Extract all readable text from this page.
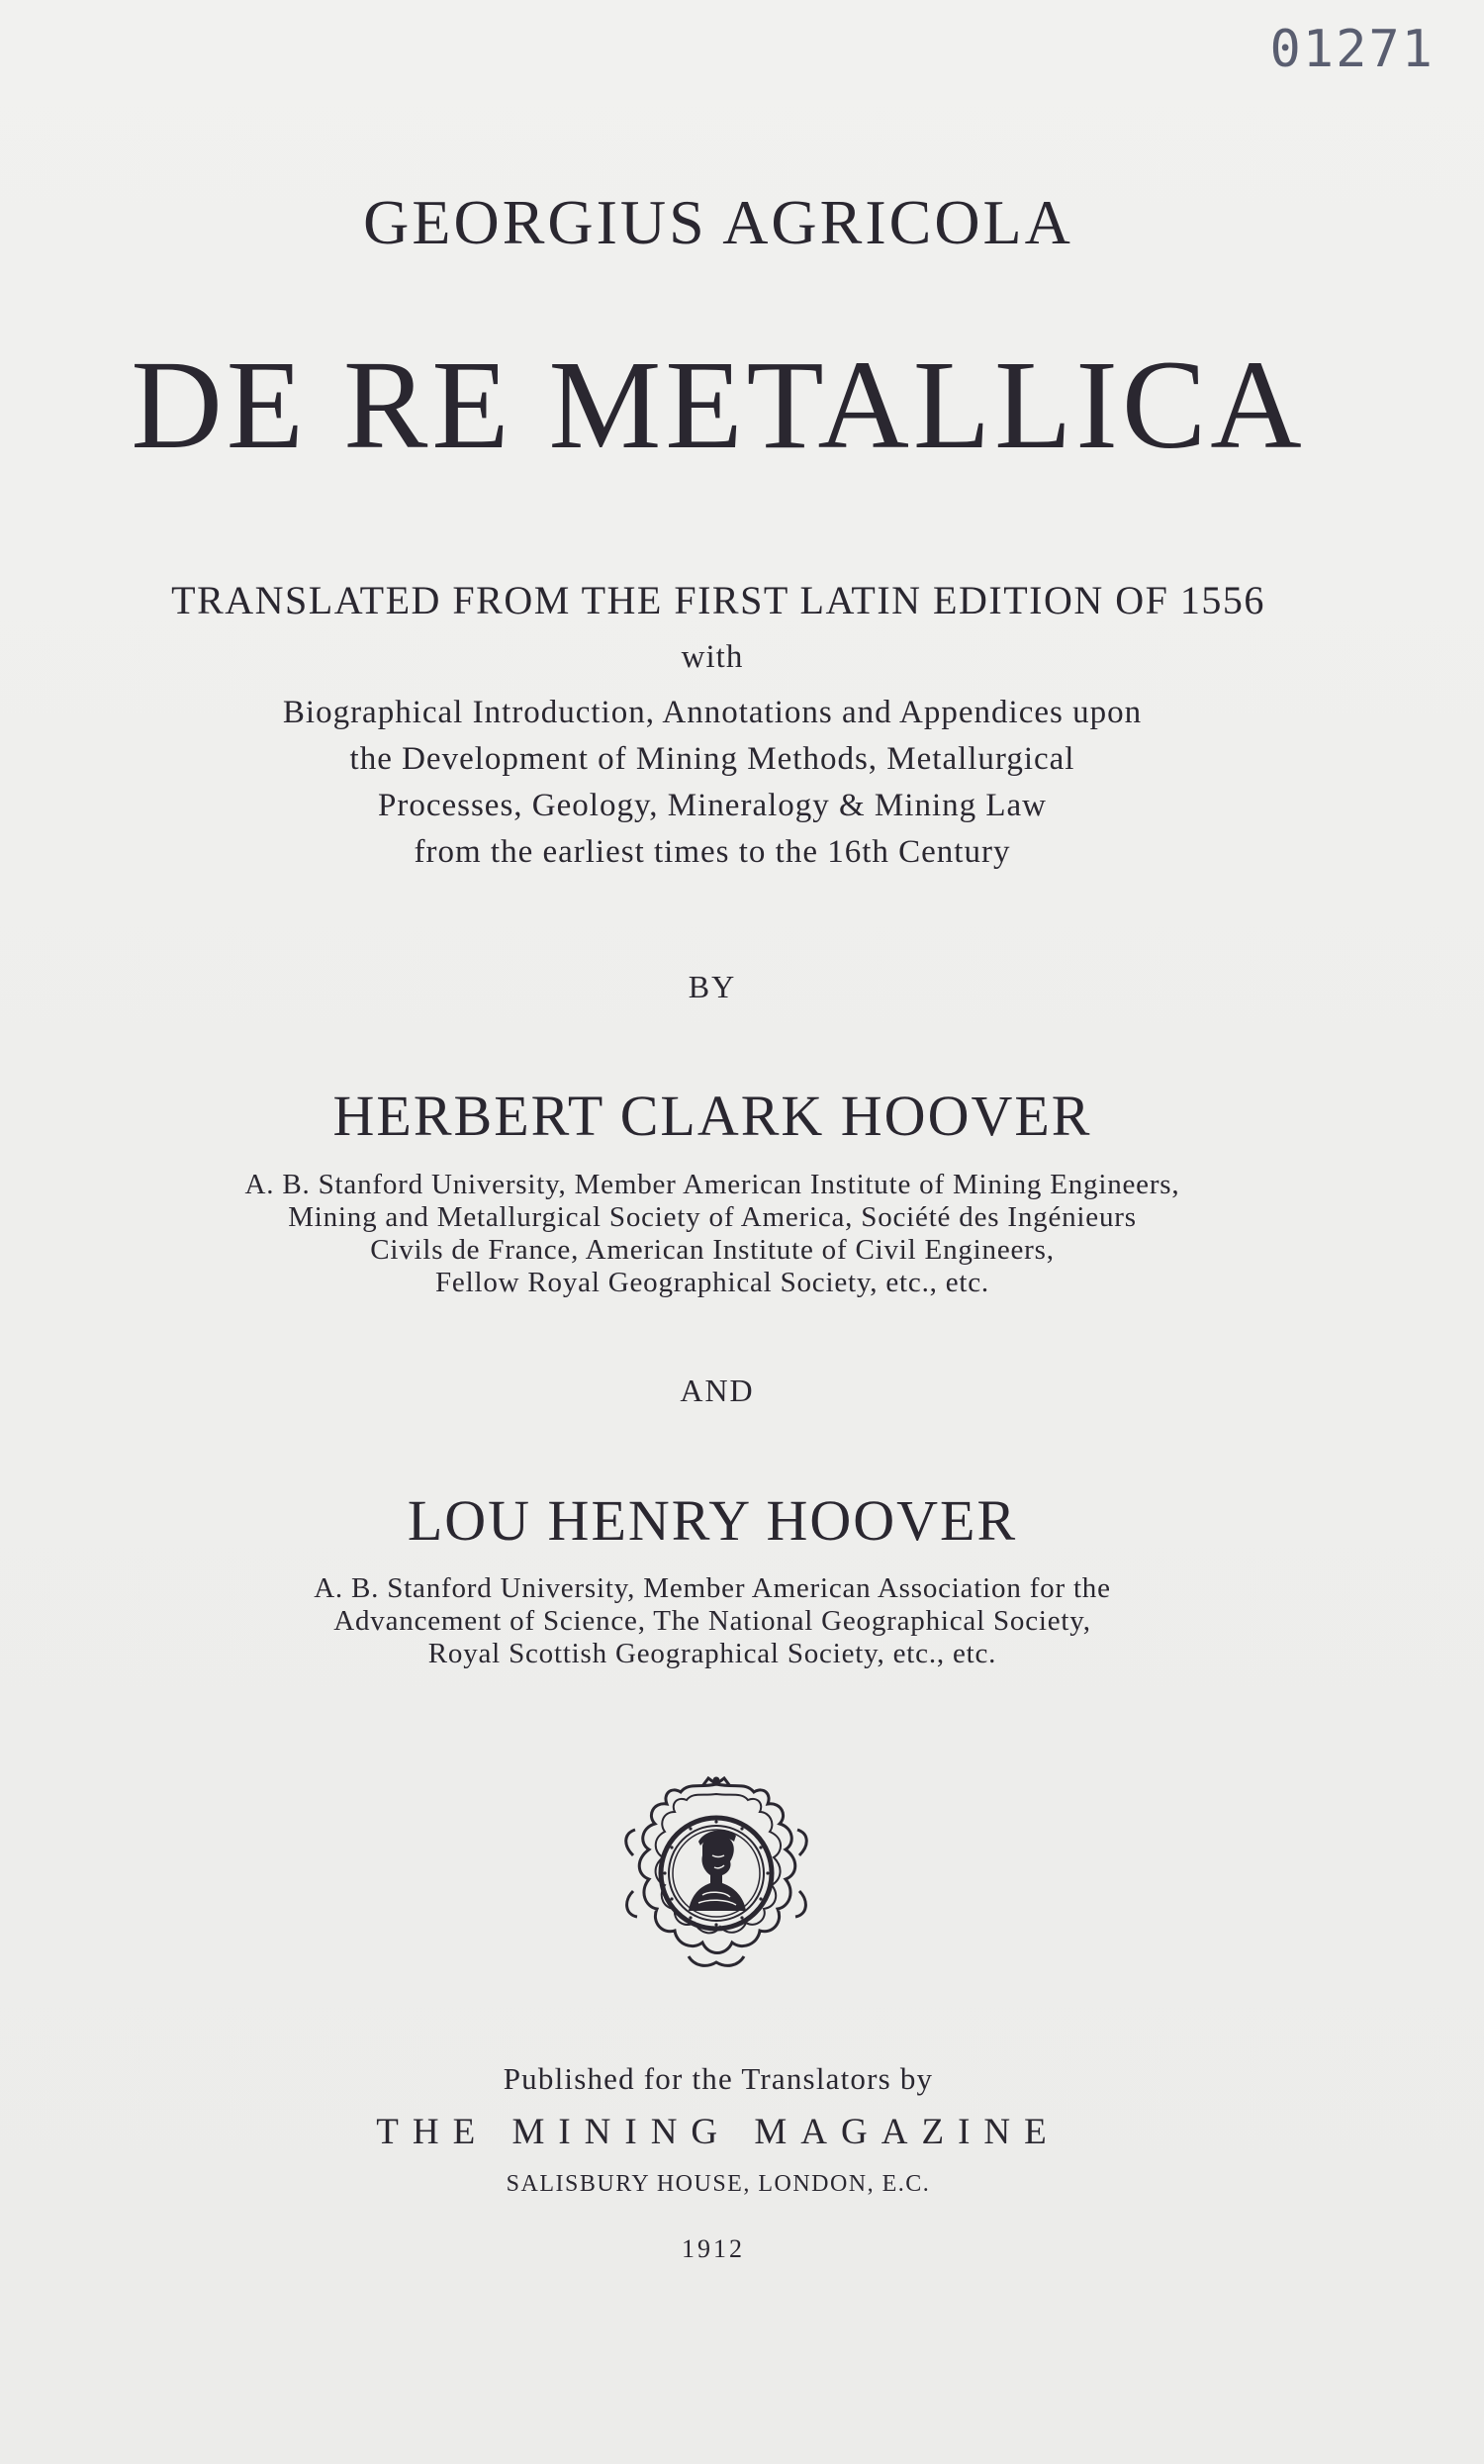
01271
GEORGIUS AGRICOLA
DE RE METALLICA
TRANSLATED FROM THE FIRST LATIN EDITION OF 1556
with
Biographical Introduction, Annotations and Appendices upon
the Development of Mining Methods, Metallurgical
Processes, Geology, Mineralogy & Mining Law
from the earliest times to the 16th Century
BY
HERBERT CLARK HOOVER
A. B. Stanford University, Member American Institute of Mining Engineers,
Mining and Metallurgical Society of America, Société des Ingénieurs
Civils de France, American Institute of Civil Engineers,
Fellow Royal Geographical Society, etc., etc.
AND
LOU HENRY HOOVER
A. B. Stanford University, Member American Association for the
Advancement of Science, The National Geographical Society,
Royal Scottish Geographical Society, etc., etc.
Published for the Translators by
THE MINING MAGAZINE
SALISBURY HOUSE, LONDON, E.C.
1912
